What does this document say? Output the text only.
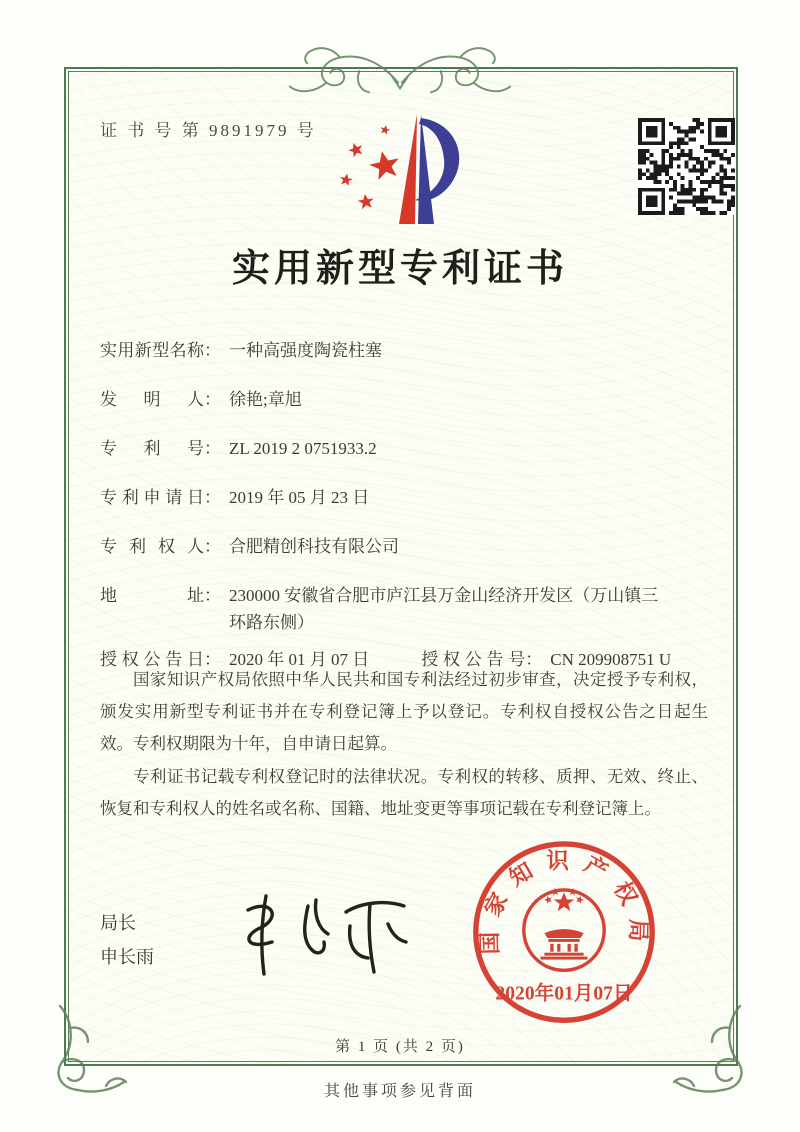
证 书 号 第 9891979 号
实用新型专利证书
实用新型名称： 一种高强度陶瓷柱塞
发明人： 徐艳;章旭
专利号： ZL 2019 2 0751933.2
专利申请日： 2019 年 05 月 23 日
专利权人： 合肥精创科技有限公司
地址： 230000 安徽省合肥市庐江县万金山经济开发区（万山镇三环路东侧）
授权公告日： 2020 年 01 月 07 日	授权公告号： CN 209908751 U

国家知识产权局依照中华人民共和国专利法经过初步审查，决定授予专利权，颁发实用新型专利证书并在专利登记簿上予以登记。专利权自授权公告之日起生效。专利权期限为十年，自申请日起算。

专利证书记载专利权登记时的法律状况。专利权的转移、质押、无效、终止、恢复和专利权人的姓名或名称、国籍、地址变更等事项记载在专利登记簿上。

局长
申长雨
国家知识产权局
2020年01月07日
第 1 页 (共 2 页)
其他事项参见背面
